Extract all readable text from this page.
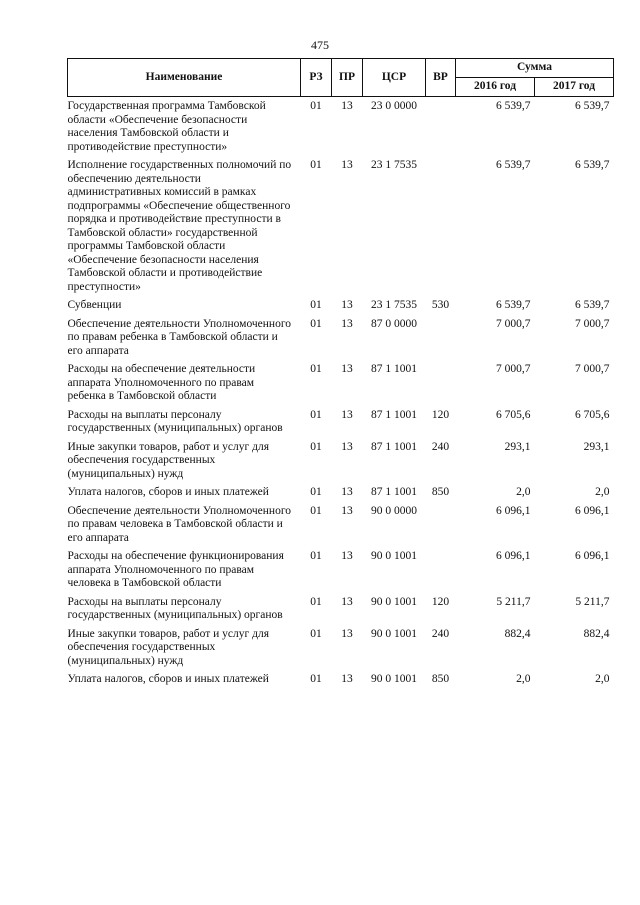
475
Наименование	РЗ	ПР	ЦСР	ВР	Сумма	
					2016 год	2017 год
Государственная программа Тамбовской области «Обеспечение безопасности населения Тамбовской области и противодействие преступности»	01	13	23 0 0000		6 539,7	6 539,7
Исполнение государственных полномочий по обеспечению деятельности административных комиссий в рамках подпрограммы «Обеспечение общественного порядка и противодействие преступности в Тамбовской области» государственной программы Тамбовской области «Обеспечение безопасности населения Тамбовской области и противодействие преступности»	01	13	23 1 7535		6 539,7	6 539,7
Субвенции	01	13	23 1 7535	530	6 539,7	6 539,7
Обеспечение деятельности Уполномоченного по правам ребенка в Тамбовской области и его аппарата	01	13	87 0 0000		7 000,7	7 000,7
Расходы на обеспечение деятельности аппарата Уполномоченного по правам ребенка в Тамбовской области	01	13	87 1 1001		7 000,7	7 000,7
Расходы на выплаты персоналу государственных (муниципальных) органов	01	13	87 1 1001	120	6 705,6	6 705,6
Иные закупки товаров, работ и услуг для обеспечения государственных (муниципальных) нужд	01	13	87 1 1001	240	293,1	293,1
Уплата налогов, сборов и иных платежей	01	13	87 1 1001	850	2,0	2,0
Обеспечение деятельности Уполномоченного по правам человека в Тамбовской области и его аппарата	01	13	90 0 0000		6 096,1	6 096,1
Расходы на обеспечение функционирования аппарата Уполномоченного по правам человека в Тамбовской области	01	13	90 0 1001		6 096,1	6 096,1
Расходы на выплаты персоналу государственных (муниципальных) органов	01	13	90 0 1001	120	5 211,7	5 211,7
Иные закупки товаров, работ и услуг для обеспечения государственных (муниципальных) нужд	01	13	90 0 1001	240	882,4	882,4
Уплата налогов, сборов и иных платежей	01	13	90 0 1001	850	2,0	2,0
